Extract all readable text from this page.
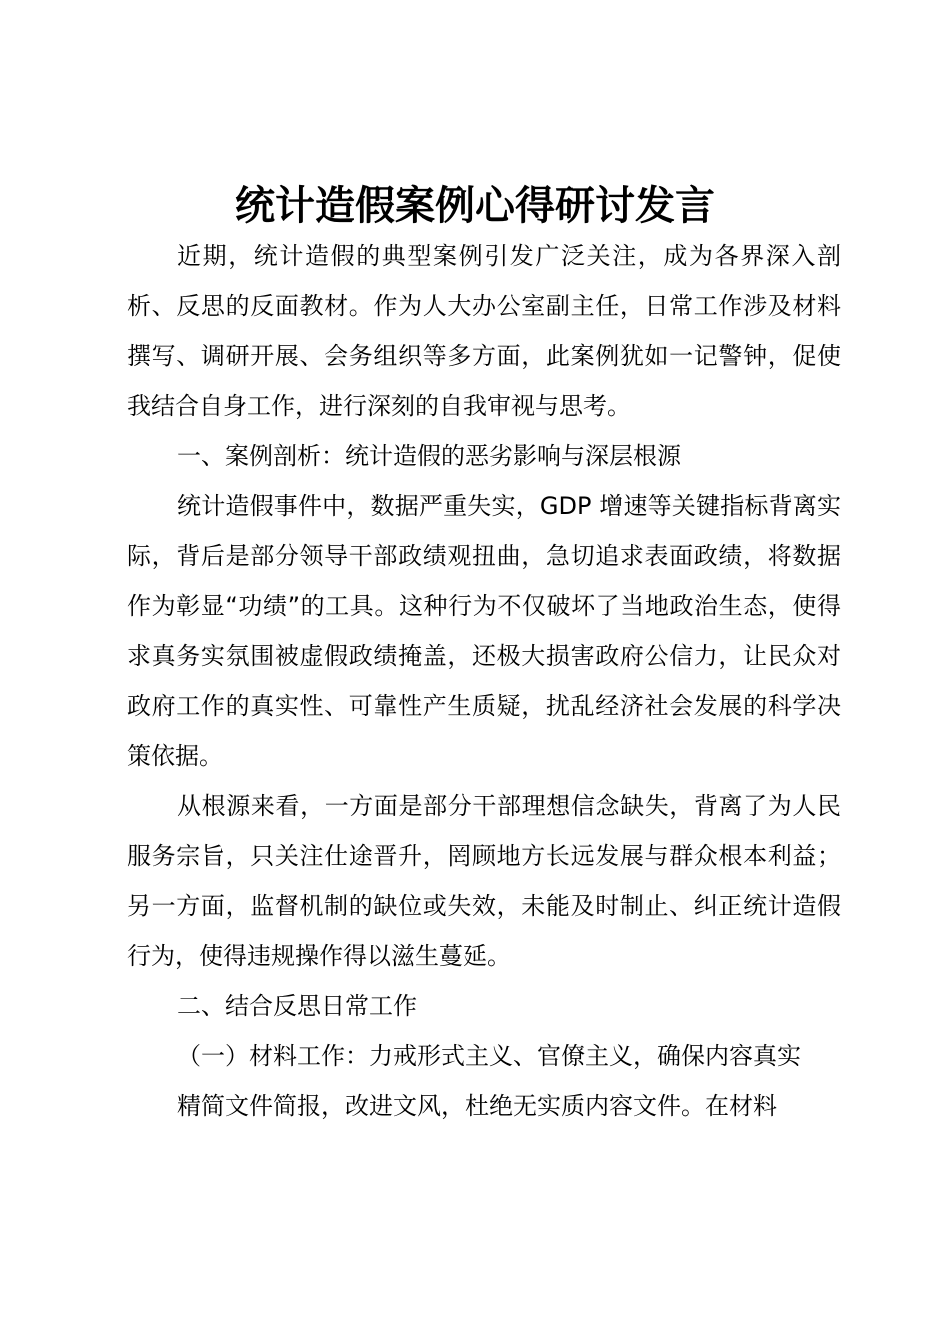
统计造假案例心得研讨发言

近期，统计造假的典型案例引发广泛关注，成为各界深入剖析、反思的反面教材。作为人大办公室副主任，日常工作涉及材料撰写、调研开展、会务组织等多方面，此案例犹如一记警钟，促使我结合自身工作，进行深刻的自我审视与思考。

一、案例剖析：统计造假的恶劣影响与深层根源

统计造假事件中，数据严重失实，GDP 增速等关键指标背离实际，背后是部分领导干部政绩观扭曲，急切追求表面政绩，将数据作为彰显“功绩”的工具。这种行为不仅破坏了当地政治生态，使得求真务实氛围被虚假政绩掩盖，还极大损害政府公信力，让民众对政府工作的真实性、可靠性产生质疑，扰乱经济社会发展的科学决策依据。

从根源来看，一方面是部分干部理想信念缺失，背离了为人民服务宗旨，只关注仕途晋升，罔顾地方长远发展与群众根本利益；另一方面，监督机制的缺位或失效，未能及时制止、纠正统计造假行为，使得违规操作得以滋生蔓延。

二、结合反思日常工作

（一）材料工作：力戒形式主义、官僚主义，确保内容真实

精简文件简报，改进文风，杜绝无实质内容文件。在材料
